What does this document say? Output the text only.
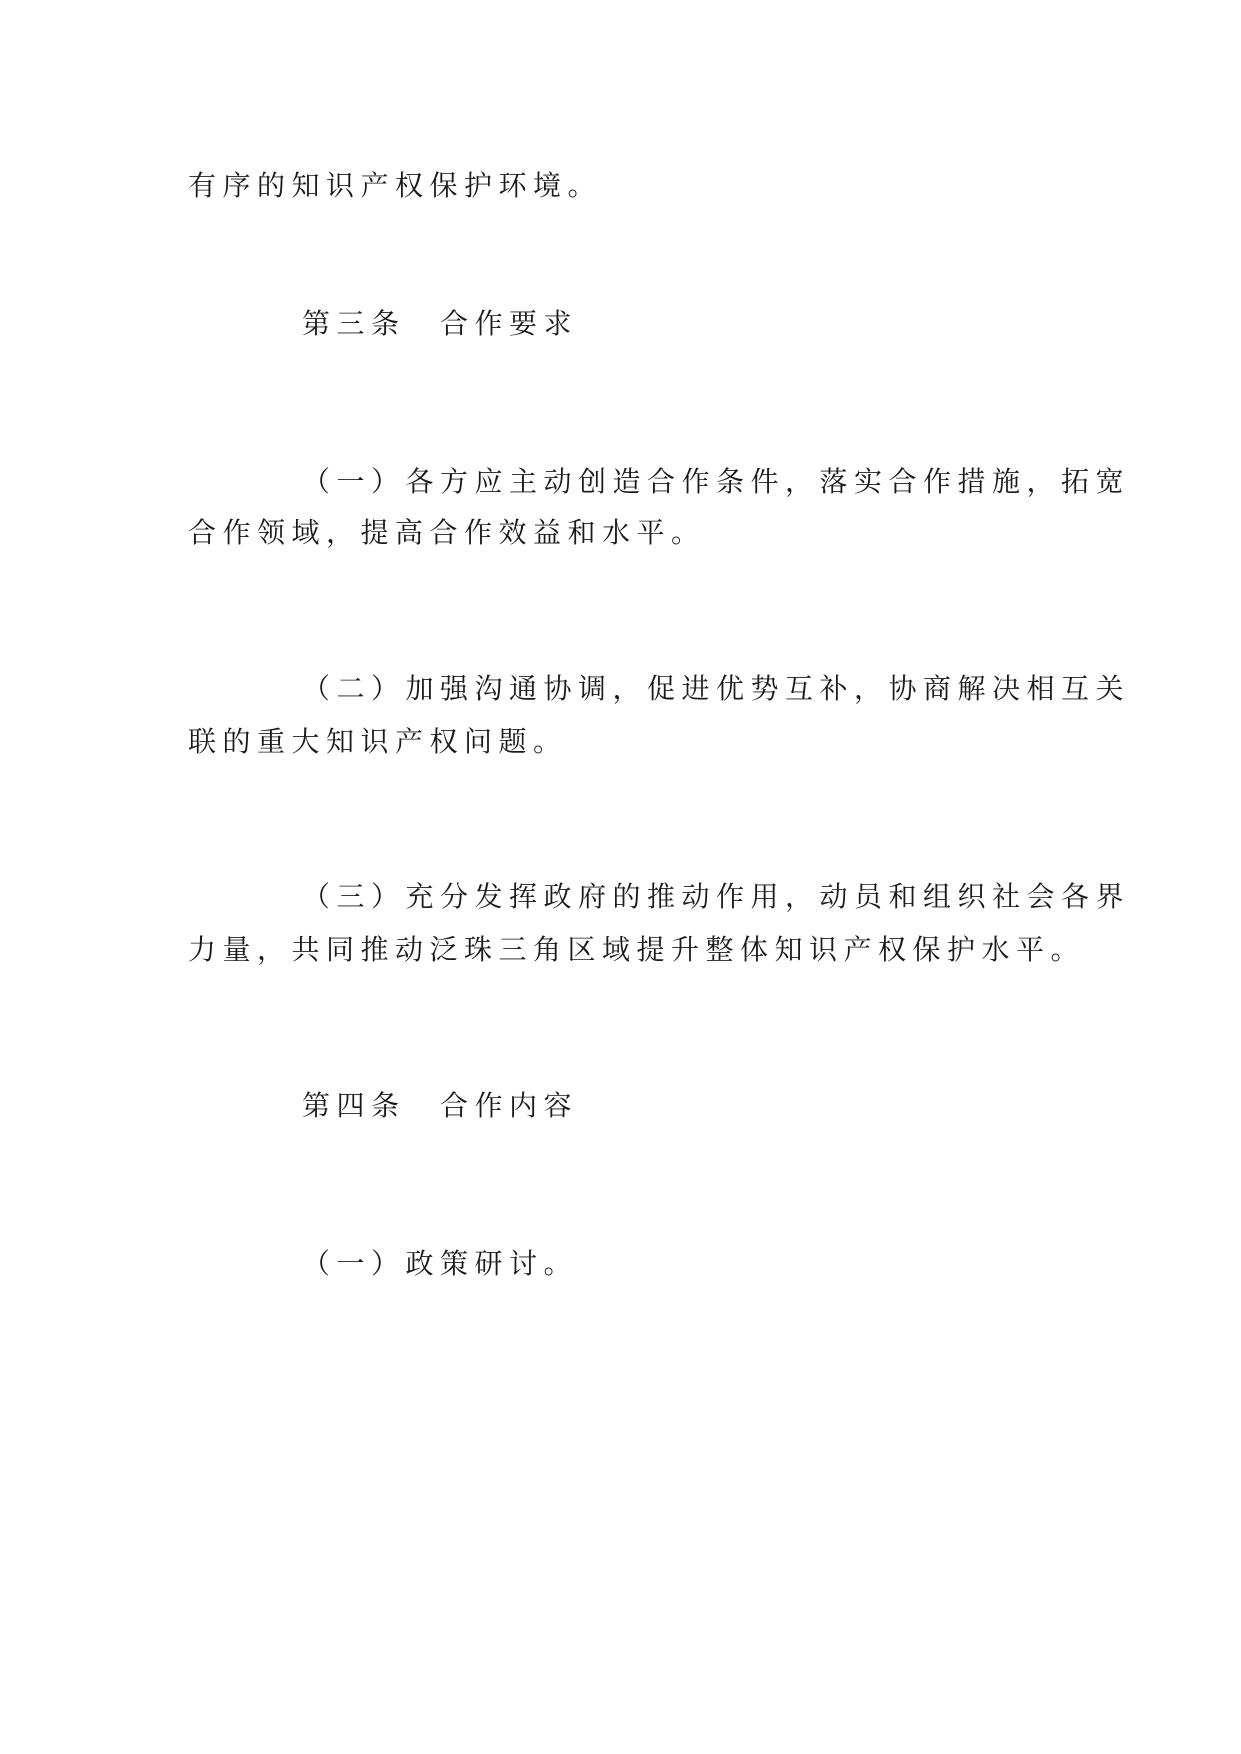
有序的知识产权保护环境。
第三条　合作要求
（一）各方应主动创造合作条件，落实合作措施，拓宽
合作领域，提高合作效益和水平。
（二）加强沟通协调，促进优势互补，协商解决相互关
联的重大知识产权问题。
（三）充分发挥政府的推动作用，动员和组织社会各界
力量，共同推动泛珠三角区域提升整体知识产权保护水平。
第四条　合作内容
（一）政策研讨。
